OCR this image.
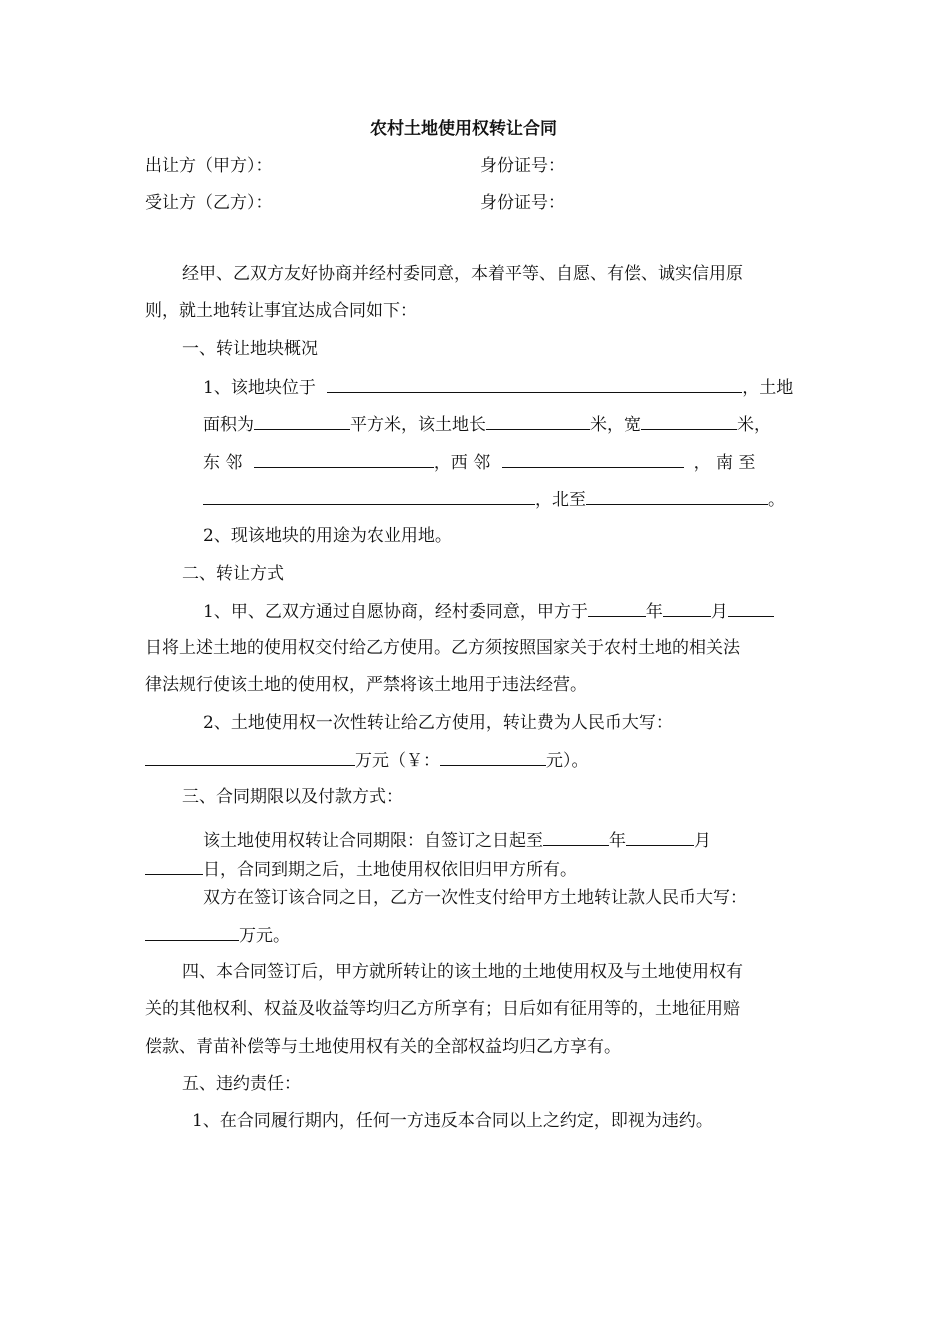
农村土地使用权转让合同
出让方（甲方）：	身份证号：
受让方（乙方）：	身份证号：
经甲、乙双方友好协商并经村委同意，本着平等、自愿、有偿、诚实信用原
则，就土地转让事宜达成合同如下：
一、转让地块概况
1、该地块位于	，土地
面积为	平方米，该土地长	米，宽	米，
东 邻	，西 邻	， 南 至
，北至	。
2、现该地块的用途为农业用地。
二、转让方式
1、甲、乙双方通过自愿协商，经村委同意，甲方于	年	月
日将上述土地的使用权交付给乙方使用。乙方须按照国家关于农村土地的相关法
律法规行使该土地的使用权，严禁将该土地用于违法经营。
2、土地使用权一次性转让给乙方使用，转让费为人民币大写：
万元（￥：	元）。
三、合同期限以及付款方式：
该土地使用权转让合同期限：自签订之日起至	年	月
日，合同到期之后，土地使用权依旧归甲方所有。
双方在签订该合同之日，乙方一次性支付给甲方土地转让款人民币大写：
万元。
四、本合同签订后，甲方就所转让的该土地的土地使用权及与土地使用权有
关的其他权利、权益及收益等均归乙方所享有；日后如有征用等的，土地征用赔
偿款、青苗补偿等与土地使用权有关的全部权益均归乙方享有。
五、违约责任：
1、在合同履行期内，任何一方违反本合同以上之约定，即视为违约。
